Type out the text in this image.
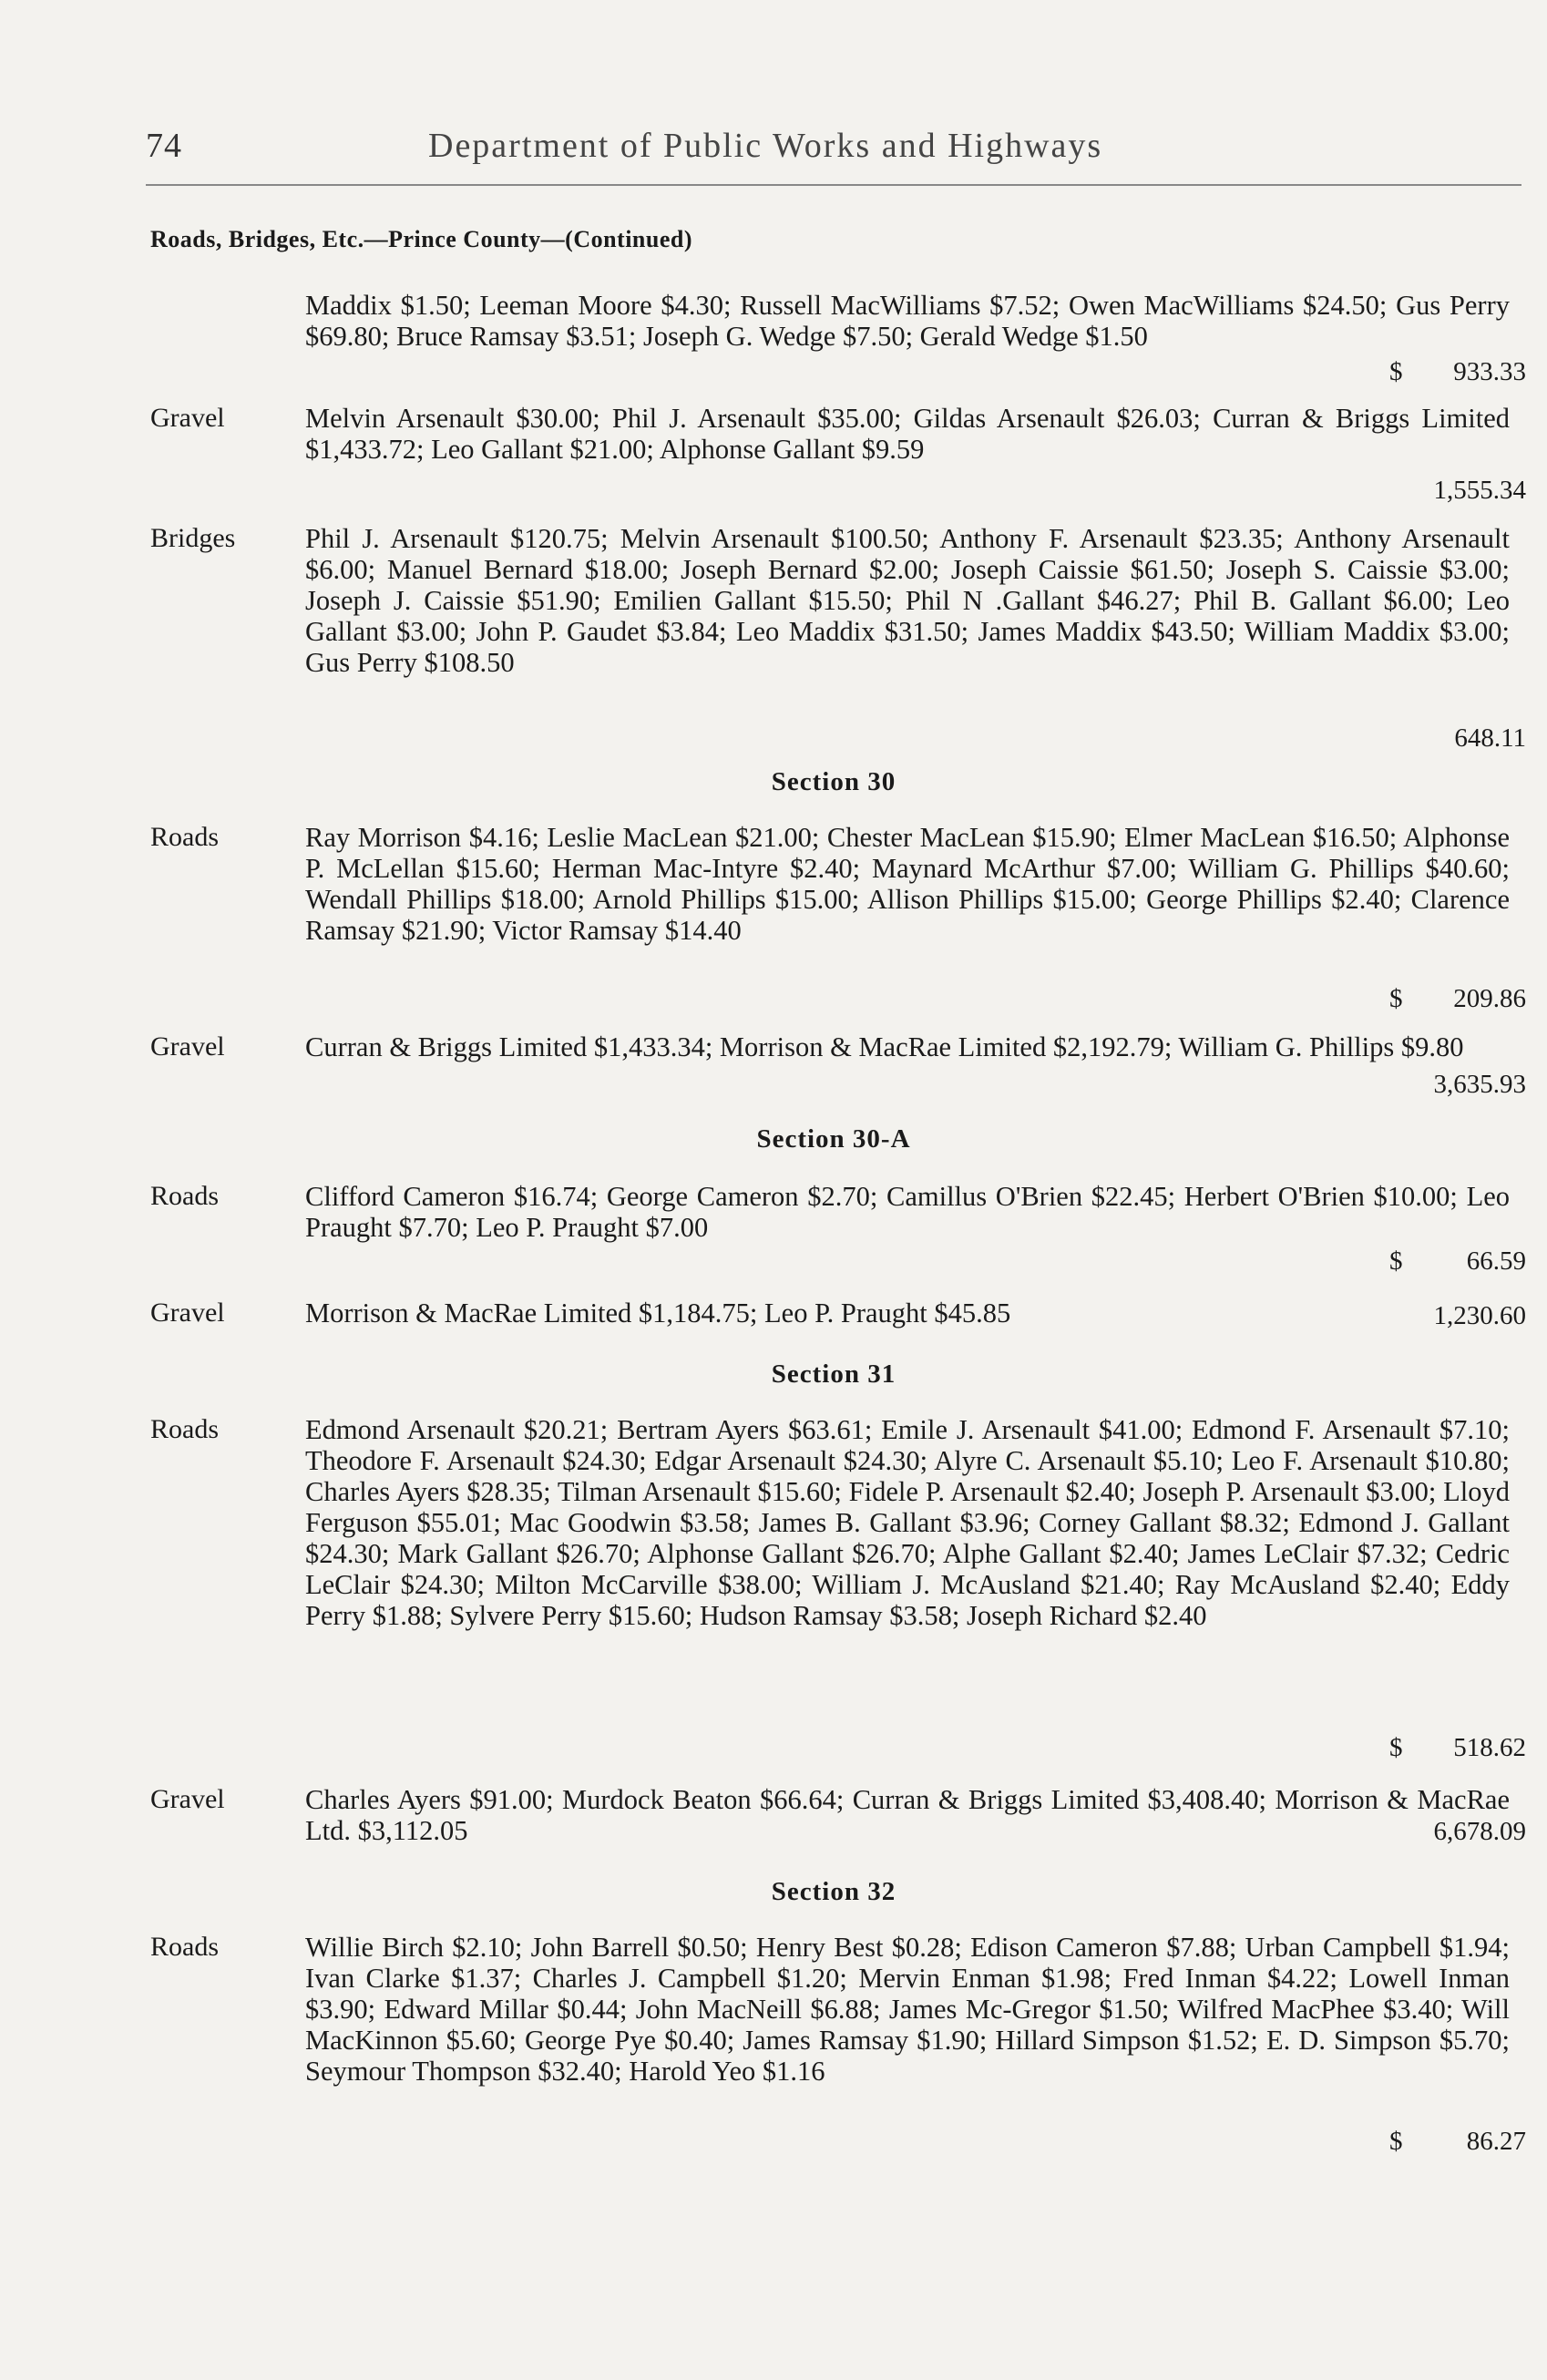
74	Department of Public Works and Highways
Roads, Bridges, Etc.—Prince County—(Continued)
Maddix $1.50; Leeman Moore $4.30; Russell MacWilliams $7.52; Owen MacWilliams $24.50; Gus Perry $69.80; Bruce Ramsay $3.51; Joseph G. Wedge $7.50; Gerald Wedge $1.50
$ 933.33
Gravel	Melvin Arsenault $30.00; Phil J. Arsenault $35.00; Gildas Arsenault $26.03; Curran & Briggs Limited $1,433.72; Leo Gallant $21.00; Alphonse Gallant $9.59
1,555.34
Bridges	Phil J. Arsenault $120.75; Melvin Arsenault $100.50; Anthony F. Arsenault $23.35; Anthony Arsenault $6.00; Manuel Bernard $18.00; Joseph Bernard $2.00; Joseph Caissie $61.50; Joseph S. Caissie $3.00; Joseph J. Caissie $51.90; Emilien Gallant $15.50; Phil N .Gallant $46.27; Phil B. Gallant $6.00; Leo Gallant $3.00; John P. Gaudet $3.84; Leo Maddix $31.50; James Maddix $43.50; William Maddix $3.00; Gus Perry $108.50
648.11
Section 30
Roads	Ray Morrison $4.16; Leslie MacLean $21.00; Chester MacLean $15.90; Elmer MacLean $16.50; Alphonse P. McLellan $15.60; Herman Mac-Intyre $2.40; Maynard McArthur $7.00; William G. Phillips $40.60; Wendall Phillips $18.00; Arnold Phillips $15.00; Allison Phillips $15.00; George Phillips $2.40; Clarence Ramsay $21.90; Victor Ramsay $14.40
$ 209.86
Gravel	Curran & Briggs Limited $1,433.34; Morrison & MacRae Limited $2,192.79; William G. Phillips $9.80
3,635.93
Section 30-A
Roads	Clifford Cameron $16.74; George Cameron $2.70; Camillus O'Brien $22.45; Herbert O'Brien $10.00; Leo Praught $7.70; Leo P. Praught $7.00
$ 66.59
Gravel	Morrison & MacRae Limited $1,184.75; Leo P. Praught $45.85	1,230.60
Section 31
Roads	Edmond Arsenault $20.21; Bertram Ayers $63.61; Emile J. Arsenault $41.00; Edmond F. Arsenault $7.10; Theodore F. Arsenault $24.30; Edgar Arsenault $24.30; Alyre C. Arsenault $5.10; Leo F. Arsenault $10.80; Charles Ayers $28.35; Tilman Arsenault $15.60; Fidele P. Arsenault $2.40; Joseph P. Arsenault $3.00; Lloyd Ferguson $55.01; Mac Goodwin $3.58; James B. Gallant $3.96; Corney Gallant $8.32; Edmond J. Gallant $24.30; Mark Gallant $26.70; Alphonse Gallant $26.70; Alphe Gallant $2.40; James LeClair $7.32; Cedric LeClair $24.30; Milton McCarville $38.00; William J. McAusland $21.40; Ray McAusland $2.40; Eddy Perry $1.88; Sylvere Perry $15.60; Hudson Ramsay $3.58; Joseph Richard $2.40
$ 518.62
Gravel	Charles Ayers $91.00; Murdock Beaton $66.64; Curran & Briggs Limited $3,408.40; Morrison & MacRae Ltd. $3,112.05	6,678.09
Section 32
Roads	Willie Birch $2.10; John Barrell $0.50; Henry Best $0.28; Edison Cameron $7.88; Urban Campbell $1.94; Ivan Clarke $1.37; Charles J. Campbell $1.20; Mervin Enman $1.98; Fred Inman $4.22; Lowell Inman $3.90; Edward Millar $0.44; John MacNeill $6.88; James Mc-Gregor $1.50; Wilfred MacPhee $3.40; Will MacKinnon $5.60; George Pye $0.40; James Ramsay $1.90; Hillard Simpson $1.52; E. D. Simpson $5.70; Seymour Thompson $32.40; Harold Yeo $1.16
$ 86.27
